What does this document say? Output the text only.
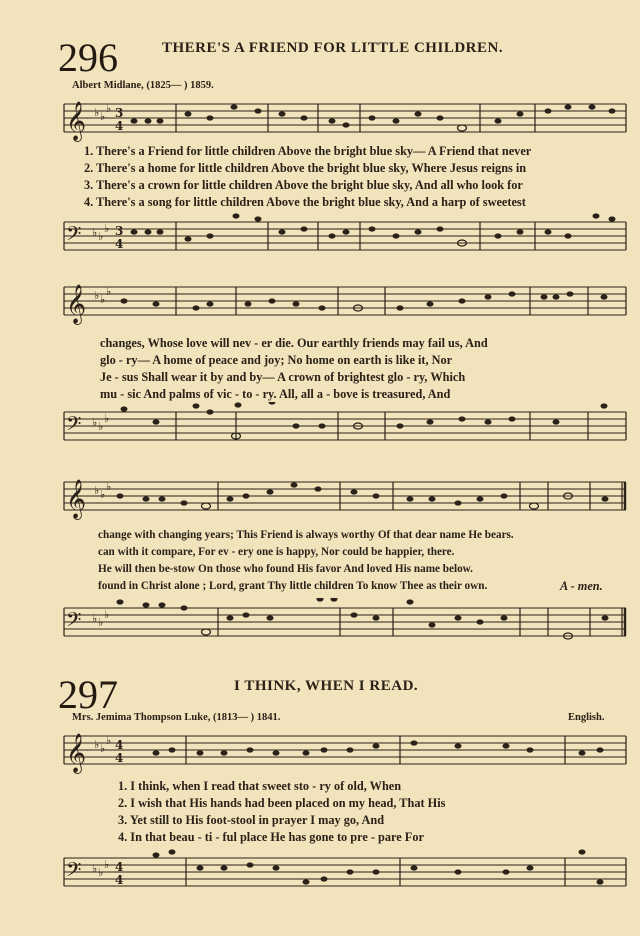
296	THERE'S A FRIEND FOR LITTLE CHILDREN.
Albert Midlane, (1825— ) 1859.
𝄞 ♭ ♭
♭ 3
4
1. There's a Friend for little children Above the bright blue sky— A Friend that never
2. There's a home for little children Above the bright blue sky, Where Jesus reigns in
3. There's a crown for little children Above the bright blue sky, And all who look for
4. There's a song for little children Above the bright blue sky, And a harp of sweetest
𝄢 ♭ ♭
♭ 3
4
𝄞 ♭ ♭
♭
changes, Whose love will nev - er die. Our earthly friends may fail us, And
glo - ry— A home of peace and joy; No home on earth is like it, Nor
Je - sus Shall wear it by and by— A crown of brightest glo - ry, Which
mu - sic And palms of vic - to - ry. All, all a - bove is treasured, And
𝄢 ♭ ♭
♭
𝄞 ♭ ♭
♭
change with changing years; This Friend is always worthy Of that dear name He bears.
can with it compare, For ev - ery one is happy, Nor could be happier, there.
He will then be-stow On those who found His favor And loved His name below.
found in Christ alone ; Lord, grant Thy little children To know Thee as their own.	A - men.
𝄢 ♭ ♭
♭
297	I THINK, WHEN I READ.
Mrs. Jemima Thompson Luke, (1813— ) 1841.	English.
𝄞 ♭ ♭
♭ 4
4
1. I think, when I read that sweet sto - ry of old, When
2. I wish that His hands had been placed on my head, That His
3. Yet still to His foot-stool in prayer I may go, And
4. In that beau - ti - ful place He has gone to pre - pare For
𝄢 ♭ ♭
♭ 4
4
